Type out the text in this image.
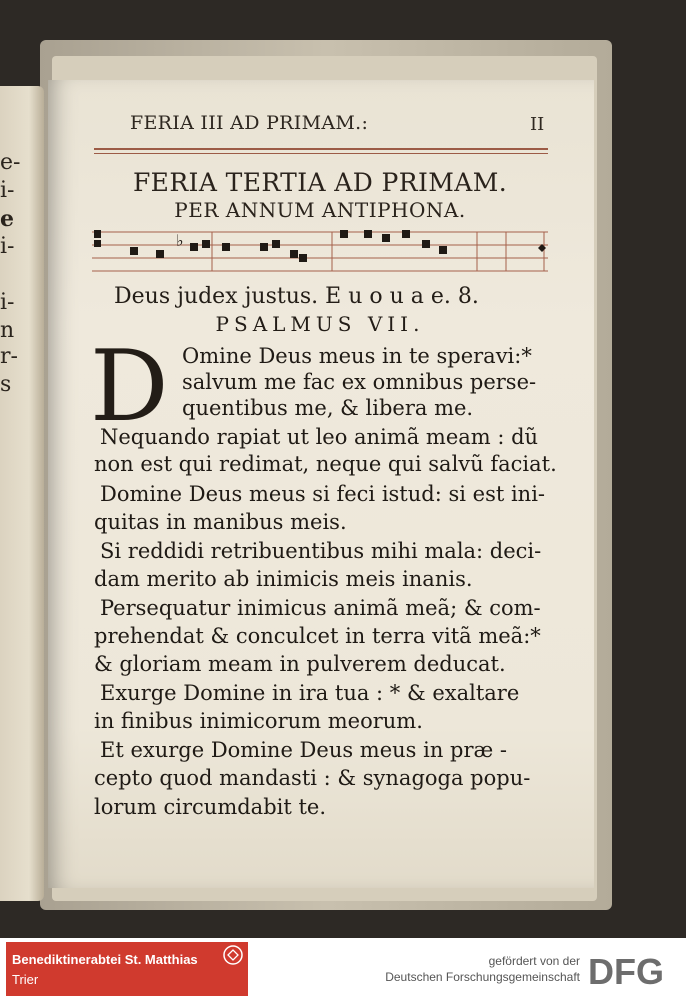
e-
i-
e
i-
i-
n
r-
s
FERIA III AD PRIMAM.:	II
FERIA TERTIA AD PRIMAM.
PER ANNUM ANTIPHONA.
♭
Deus judex justus. E u o u a e. 8.
PSALMUS VII.
D Omine Deus meus in te speravi:*
salvum me fac ex omnibus perse-
quentibus me, & libera me.
Nequando rapiat ut leo animã meam : dũ
non est qui redimat, neque qui salvũ faciat.
Domine Deus meus si feci istud: si est ini-
quitas in manibus meis.
Si reddidi retribuentibus mihi mala: deci-
dam merito ab inimicis meis inanis.
Persequatur inimicus animã meã; & com-
prehendat & conculcet in terra vitã meã:*
& gloriam meam in pulverem deducat.
Exurge Domine in ira tua : * & exaltare
in finibus inimicorum meorum.
Et exurge Domine Deus meus in præ -
cepto quod mandasti : & synagoga popu-
lorum circumdabit te.
Benediktinerabtei St. Matthias
Trier
gefördert von der
Deutschen Forschungsgemeinschaft DFG
